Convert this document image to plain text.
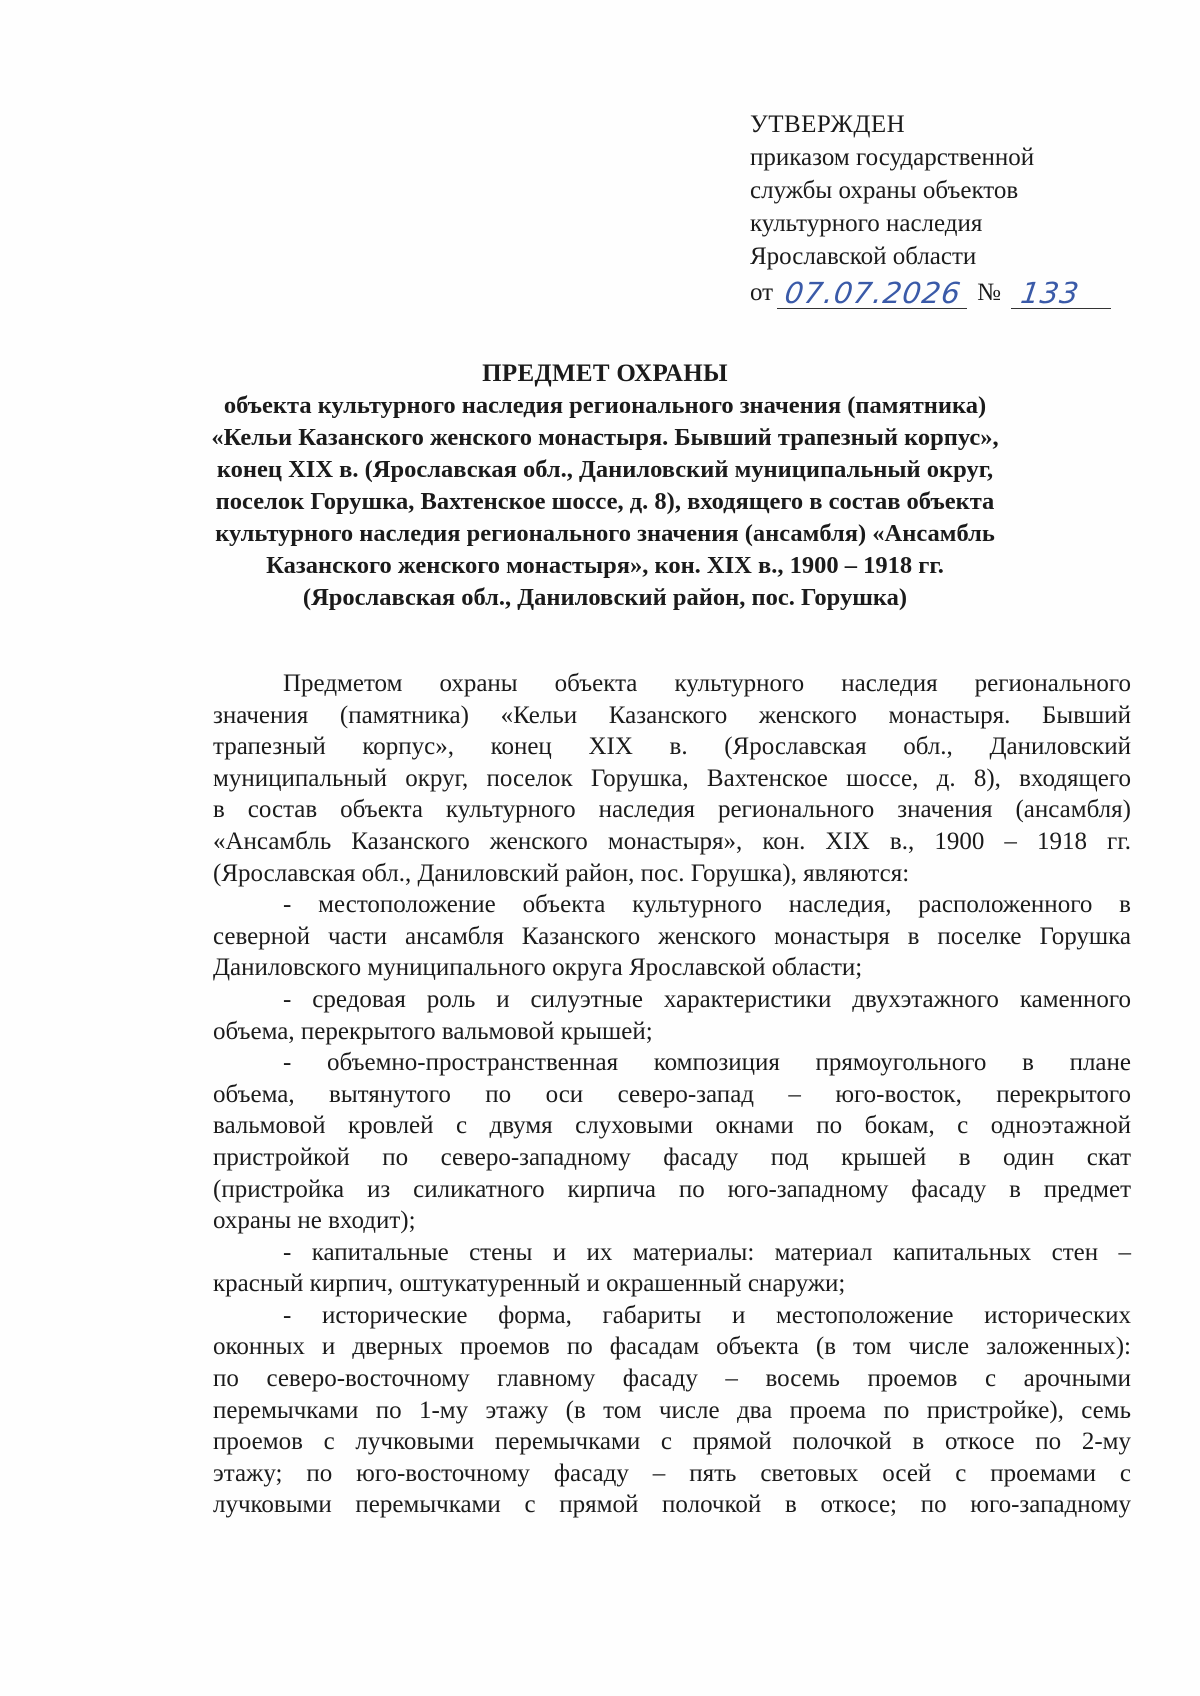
УТВЕРЖДЕН
приказом государственной
службы охраны объектов
культурного наследия
Ярославской области
от 07.07.2026 № 133
ПРЕДМЕТ ОХРАНЫ
объекта культурного наследия регионального значения (памятника)
«Кельи Казанского женского монастыря. Бывший трапезный корпус»,
конец XIX в. (Ярославская обл., Даниловский муниципальный округ,
поселок Горушка, Вахтенское шоссе, д. 8), входящего в состав объекта
культурного наследия регионального значения (ансамбля) «Ансамбль
Казанского женского монастыря», кон. XIX в., 1900 – 1918 гг.
(Ярославская обл., Даниловский район, пос. Горушка)
Предметом охраны объекта культурного наследия регионального
значения (памятника) «Кельи Казанского женского монастыря. Бывший
трапезный корпус», конец XIX в. (Ярославская обл., Даниловский
муниципальный округ, поселок Горушка, Вахтенское шоссе, д. 8), входящего
в состав объекта культурного наследия регионального значения (ансамбля)
«Ансамбль Казанского женского монастыря», кон. XIX в., 1900 – 1918 гг.
(Ярославская обл., Даниловский район, пос. Горушка), являются:
- местоположение объекта культурного наследия, расположенного в
северной части ансамбля Казанского женского монастыря в поселке Горушка
Даниловского муниципального округа Ярославской области;
- средовая роль и силуэтные характеристики двухэтажного каменного
объема, перекрытого вальмовой крышей;
- объемно-пространственная композиция прямоугольного в плане
объема, вытянутого по оси северо-запад – юго-восток, перекрытого
вальмовой кровлей с двумя слуховыми окнами по бокам, с одноэтажной
пристройкой по северо-западному фасаду под крышей в один скат
(пристройка из силикатного кирпича по юго-западному фасаду в предмет
охраны не входит);
- капитальные стены и их материалы: материал капитальных стен –
красный кирпич, оштукатуренный и окрашенный снаружи;
- исторические форма, габариты и местоположение исторических
оконных и дверных проемов по фасадам объекта (в том числе заложенных):
по северо-восточному главному фасаду – восемь проемов с арочными
перемычками по 1-му этажу (в том числе два проема по пристройке), семь
проемов с лучковыми перемычками с прямой полочкой в откосе по 2-му
этажу; по юго-восточному фасаду – пять световых осей с проемами с
лучковыми перемычками с прямой полочкой в откосе; по юго-западному
